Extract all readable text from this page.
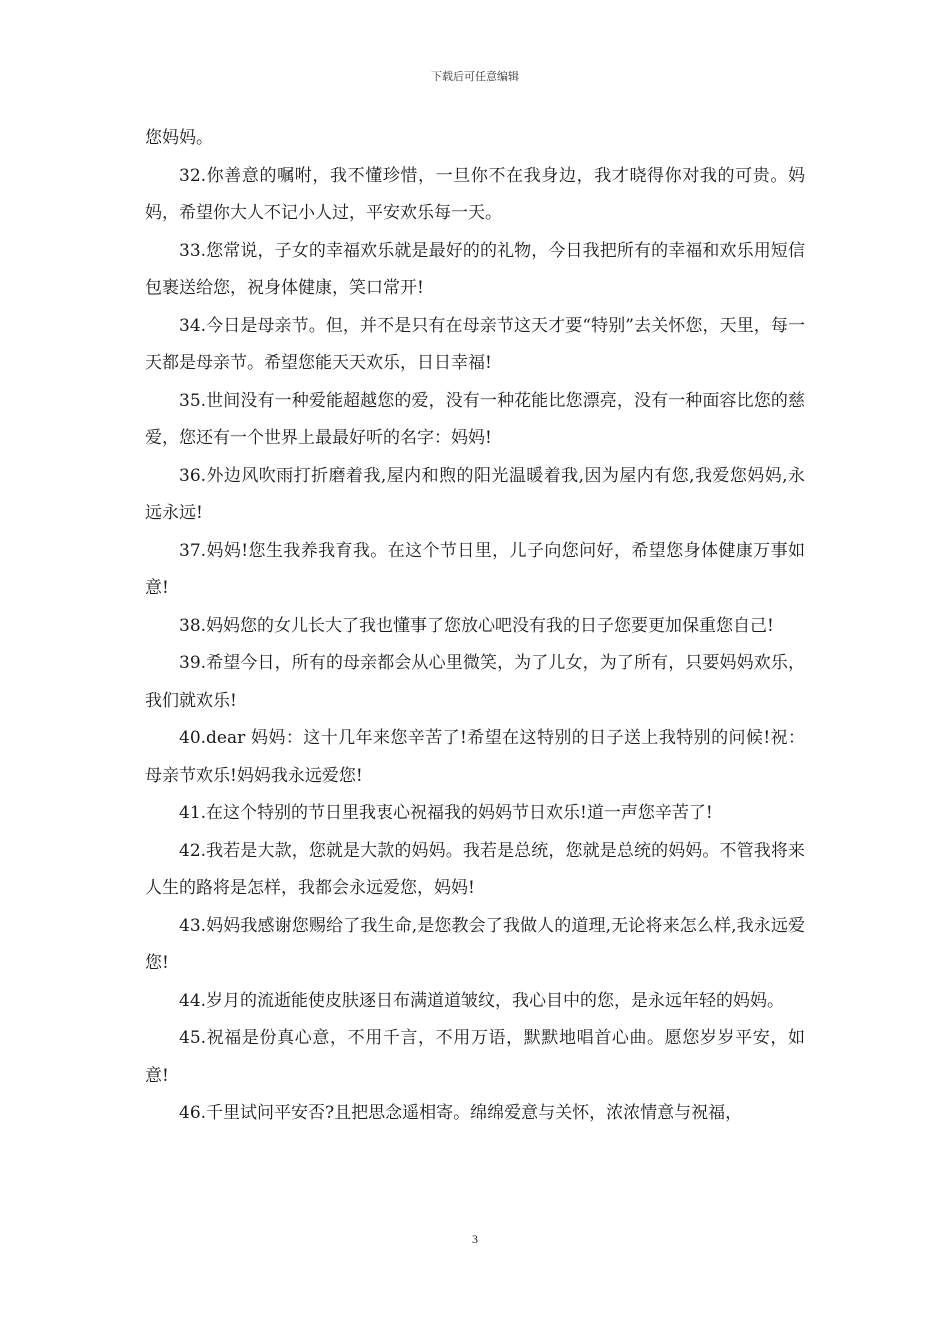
下载后可任意编辑

您妈妈。

32.你善意的嘱咐，我不懂珍惜，一旦你不在我身边，我才晓得你对我的可贵。妈妈，希望你大人不记小人过，平安欢乐每一天。

33.您常说，子女的幸福欢乐就是最好的的礼物，今日我把所有的幸福和欢乐用短信包裹送给您，祝身体健康，笑口常开!

34.今日是母亲节。但，并不是只有在母亲节这天才要“特别”去关怀您，天里，每一天都是母亲节。希望您能天天欢乐，日日幸福!

35.世间没有一种爱能超越您的爱，没有一种花能比您漂亮，没有一种面容比您的慈爱，您还有一个世界上最最好听的名字：妈妈!

36.外边风吹雨打折磨着我,屋内和煦的阳光温暖着我,因为屋内有您,我爱您妈妈,永远永远!

37.妈妈!您生我养我育我。在这个节日里，儿子向您问好，希望您身体健康万事如意!

38.妈妈您的女儿长大了我也懂事了您放心吧没有我的日子您要更加保重您自己!

39.希望今日，所有的母亲都会从心里微笑，为了儿女，为了所有，只要妈妈欢乐，我们就欢乐!

40.dear 妈妈：这十几年来您辛苦了!希望在这特别的日子送上我特别的问候!祝：母亲节欢乐!妈妈我永远爱您!

41.在这个特别的节日里我衷心祝福我的妈妈节日欢乐!道一声您辛苦了!

42.我若是大款，您就是大款的妈妈。我若是总统，您就是总统的妈妈。不管我将来人生的路将是怎样，我都会永远爱您，妈妈!

43.妈妈我感谢您赐给了我生命,是您教会了我做人的道理,无论将来怎么样,我永远爱您!

44.岁月的流逝能使皮肤逐日布满道道皱纹，我心目中的您，是永远年轻的妈妈。

45.祝福是份真心意，不用千言，不用万语，默默地唱首心曲。愿您岁岁平安，如意!

46.千里试问平安否?且把思念遥相寄。绵绵爱意与关怀，浓浓情意与祝福，

3
